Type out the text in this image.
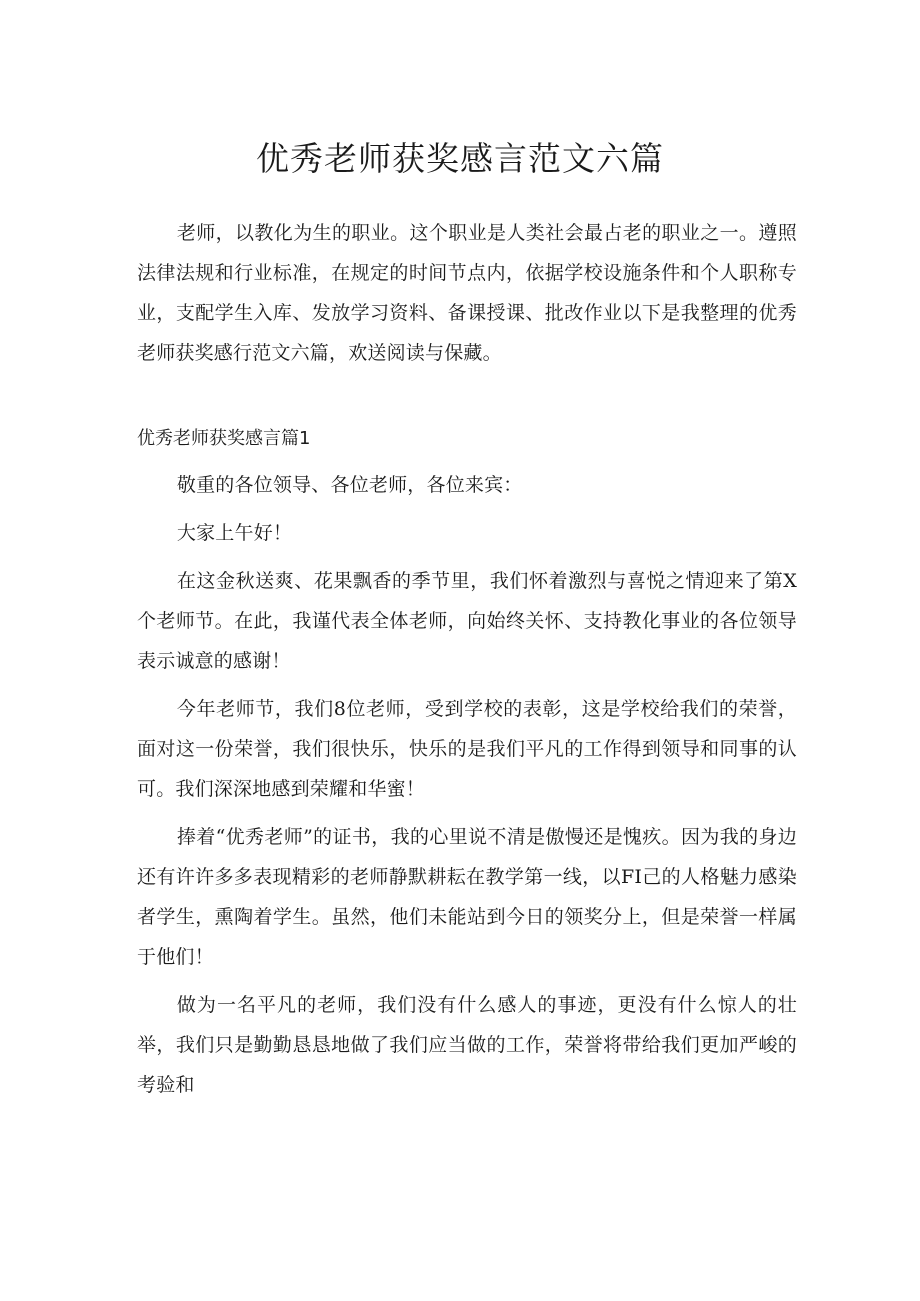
优秀老师获奖感言范文六篇

老师，以教化为生的职业。这个职业是人类社会最占老的职业之一。遵照法律法规和行业标准，在规定的时间节点内，依据学校设施条件和个人职称专业，支配学生入库、发放学习资料、备课授课、批改作业以下是我整理的优秀老师获奖感行范文六篇，欢送阅读与保藏。

优秀老师获奖感言篇1

敬重的各位领导、各位老师，各位来宾：

大家上午好！

在这金秋送爽、花果飘香的季节里，我们怀着激烈与喜悦之情迎来了第X个老师节。在此，我谨代表全体老师，向始终关怀、支持教化事业的各位领导表示诚意的感谢！

今年老师节，我们8位老师，受到学校的表彰，这是学校给我们的荣誉，面对这一份荣誉，我们很快乐，快乐的是我们平凡的工作得到领导和同事的认可。我们深深地感到荣耀和华蜜！

捧着“优秀老师”的证书，我的心里说不清是傲慢还是愧疚。因为我的身边还有许许多多表现精彩的老师静默耕耘在教学第一线，以FI己的人格魅力感染者学生，熏陶着学生。虽然，他们未能站到今日的领奖分上，但是荣誉一样属于他们！

做为一名平凡的老师，我们没有什么感人的事迹，更没有什么惊人的壮举，我们只是勤勤恳恳地做了我们应当做的工作，荣誉将带给我们更加严峻的考验和
